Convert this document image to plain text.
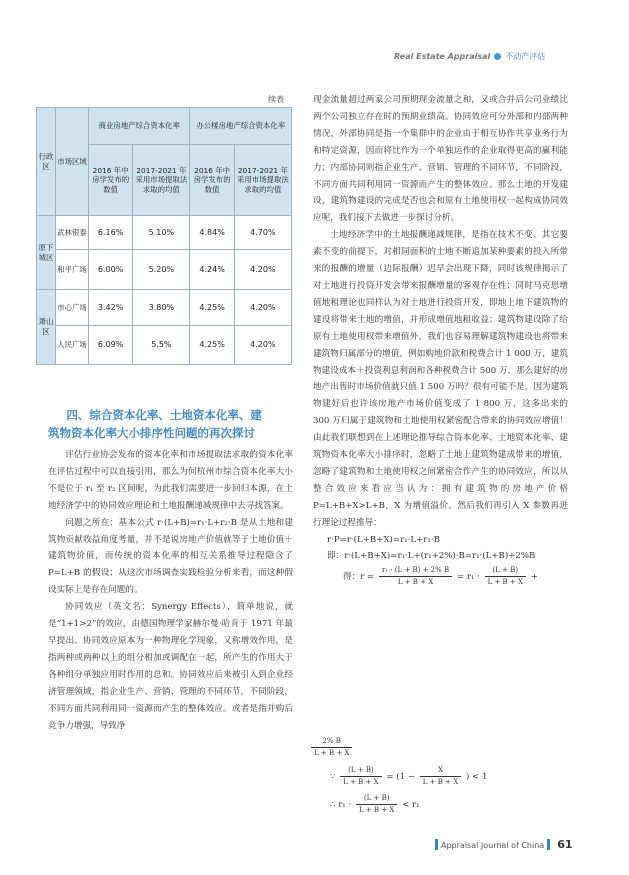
Real Estate Appraisal 不动产评估
续表
行政区	市场区域	商业房地产综合资本化率		办公楼房地产综合资本化率	
		2016 年中房学发布的数值	2017-2021 年采用市场提取法求取的均值	2016 年中房学发布的数值	2017-2021 年采用市场提取法求取的均值
原下城区	武林银泰	6.16%	5.10%	4.84%	4.70%
	和平广场	6.00%	5.20%	4.24%	4.20%
萧山区	市心广场	3.42%	3.80%	4.25%	4.20%
	人民广场	6.09%	5.5%	4.25%	4.20%
四、综合资本化率、土地资本化率、建
筑物资本化率大小排序性问题的再次探讨

评估行业协会发布的资本化率和市场提取法求取的资本化率在评估过程中可以直接引用，那么为何杭州市综合资本化率大小不是位于 r₁ 至 r₂ 区间呢，为此我们需要进一步回归本源，在土地经济学中的协同效应理论和土地报酬递减规律中去寻找答案。

问题之所在：基本公式 r·(L+B)=r₁·L+r₂·B 是从土地和建筑物贡献收益角度考量，并不是说房地产价值就等于土地价值＋建筑物价值，而传统的资本化率的相互关系推导过程隐含了 P=L+B 的假设；从这次市场调查实践检验分析来看，而这种假设实际上是存在问题的。

协同效应（英文名：Synergy Effects），简单地说，就是“1+1>2”的效应，由德国物理学家赫尔曼·哈肯于 1971 年最早提出。协同效应原本为一种物理化学现象，又称增效作用，是指两种或两种以上的组分相加或调配在一起，所产生的作用大于各种组分单独应用时作用的总和。协同效应后来被引入到企业经济管理领域，指企业生产、营销、管理的不同环节，不同阶段，不同方面共同利用同一资源而产生的整体效应。或者是指并购后竞争力增强，导致净

现金流量超过两家公司预期现金流量之和，又或合并后公司业绩比两个公司独立存在时的预期业绩高。协同效应可分外部和内部两种情况，外部协同是指一个集群中的企业由于相互协作共享业务行为和特定资源，因而将比作为一个单独运作的企业取得更高的赢利能力；内部协同则指企业生产、营销、管理的不同环节，不同阶段，不同方面共同利用同一资源而产生的整体效应。那么土地的开发建设，建筑物建设的完成是否也会和原有土地使用权一起构成协同效应呢，我们接下去做进一步探讨分析。

土地经济学中的土地报酬递减规律，是指在技术不变、其它要素不变的前提下，对相同面积的土地不断追加某种要素的投入所带来的报酬的增量（边际报酬）迟早会出现下降，同时该规律揭示了对土地进行投资开发会带来报酬增量的客观存在性；同时马克思增值地租理论也同样认为对土地进行投资开发，即地上地下建筑物的建设将带来土地的增值，并形成增值地租收益；建筑物建设除了给原有土地使用权带来增值外，我们也容易理解建筑物建设也将带来建筑物归属部分的增值，例如购地价款和税费合计 1 000 万，建筑物建设成本＋投资利息利润和各种税费合计 500 万，那么建好的房地产出售时市场价值就只值 1 500 万吗？很有可能不是，因为建筑物建好后也许该房地产市场价值变成了 1 800 万，这多出来的 300 万归属于建筑物和土地使用权紧密配合带来的协同效应增值！由此我们联想到在上述理论推导综合资本化率、土地资本化率、建筑物资本化率大小排序时，忽略了土地上建筑物建成带来的增值，忽略了建筑物和土地使用权之间紧密合作产生的协同效应，所以从整合效应来看应当认为：拥有建筑物的房地产价格 P=L+B+X>L+B，X 为增值溢价。然后我们再引入 X 参数再进行理论过程推导：

r·P=r·(L+B+X)=r₁·L+r₂·B
即：r·(L+B+X)=r₁·L+(r₁+2%)·B=r₁·(L+B)+2%B
得：$r = \frac{\text{r₁ · (L + B) + 2\% B}}{L + B + X} = r_1 \cdot \frac{(L + B)}{L + B + X}$ +
$\frac{2\% B}{L + B + X}$
∵ $\frac{(L + B)}{L + B + X} = (1 - \frac{X}{L + B + X}$ ) < 1
∴ $r_1 \cdot \frac{(L + B)}{L + B + X} < r_1$
Appraisal Journal of China 61
